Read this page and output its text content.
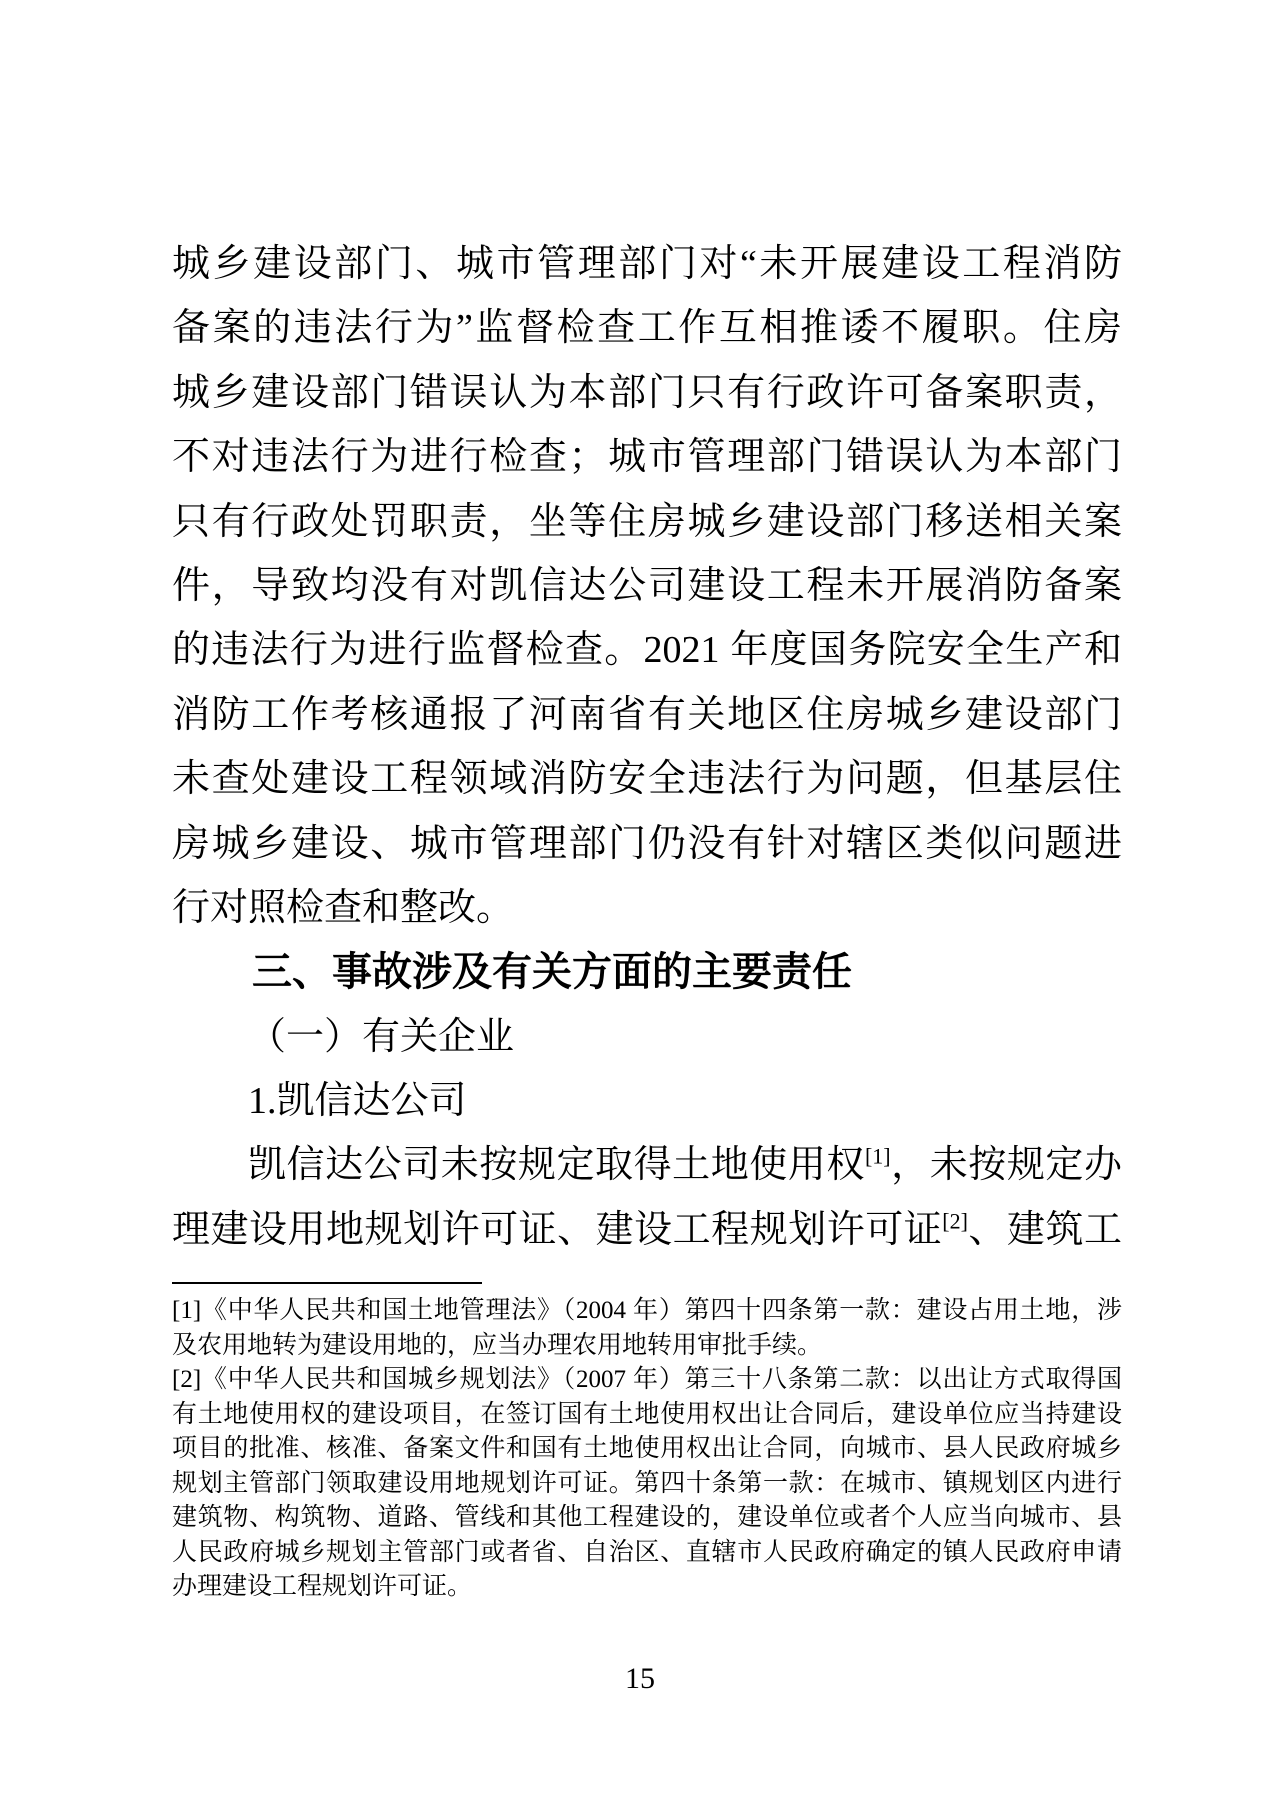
城乡建设部门、城市管理部门对“未开展建设工程消防
备案的违法行为”监督检查工作互相推诿不履职。住房
城乡建设部门错误认为本部门只有行政许可备案职责，
不对违法行为进行检查；城市管理部门错误认为本部门
只有行政处罚职责，坐等住房城乡建设部门移送相关案
件，导致均没有对凯信达公司建设工程未开展消防备案
的违法行为进行监督检查。2021 年度国务院安全生产和
消防工作考核通报了河南省有关地区住房城乡建设部门
未查处建设工程领域消防安全违法行为问题，但基层住
房城乡建设、城市管理部门仍没有针对辖区类似问题进
行对照检查和整改。
三、事故涉及有关方面的主要责任
（一）有关企业
1.凯信达公司
凯信达公司未按规定取得土地使用权[1]，未按规定办
理建设用地规划许可证、建设工程规划许可证[2]、建筑工
[1]《中华人民共和国土地管理法》（2004 年）第四十四条第一款：建设占用土地，涉
及农用地转为建设用地的，应当办理农用地转用审批手续。
[2]《中华人民共和国城乡规划法》（2007 年）第三十八条第二款：以出让方式取得国
有土地使用权的建设项目，在签订国有土地使用权出让合同后，建设单位应当持建设
项目的批准、核准、备案文件和国有土地使用权出让合同，向城市、县人民政府城乡
规划主管部门领取建设用地规划许可证。第四十条第一款：在城市、镇规划区内进行
建筑物、构筑物、道路、管线和其他工程建设的，建设单位或者个人应当向城市、县
人民政府城乡规划主管部门或者省、自治区、直辖市人民政府确定的镇人民政府申请
办理建设工程规划许可证。
15
